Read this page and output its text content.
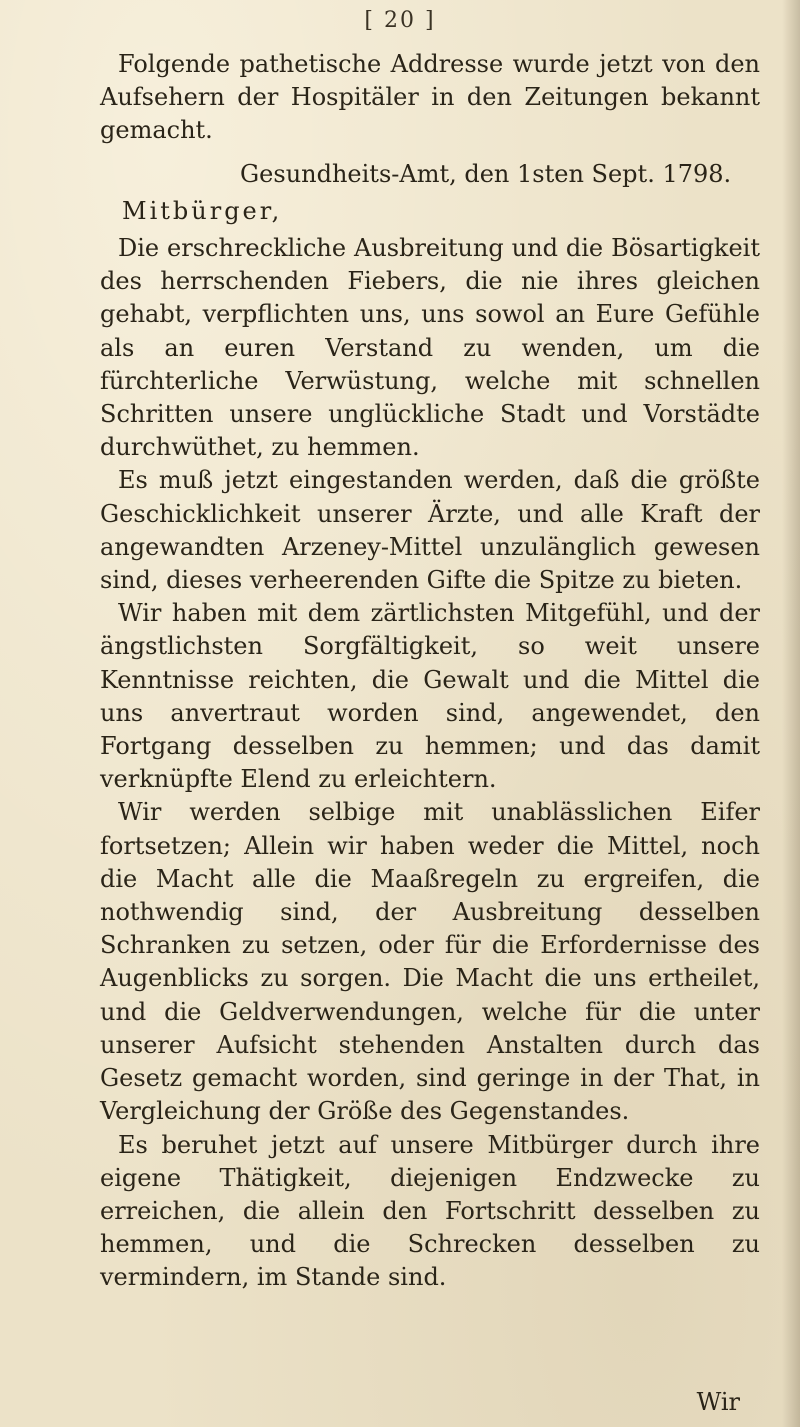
[ 20 ]

Folgende pathetische Addresse wurde jetzt von den Aufsehern der Hospitäler in den Zeitungen bekannt gemacht.

Gesundheits-Amt, den 1sten Sept. 1798.

Mitbürger,

Die erschreckliche Ausbreitung und die Bösartigkeit des herrschenden Fiebers, die nie ihres gleichen gehabt, verpflichten uns, uns sowol an Eure Gefühle als an euren Verstand zu wenden, um die fürchterliche Verwüstung, welche mit schnellen Schritten unsere unglückliche Stadt und Vorstädte durchwüthet, zu hemmen.

Es muß jetzt eingestanden werden, daß die größte Geschicklichkeit unserer Ärzte, und alle Kraft der angewandten Arzeney-Mittel unzulänglich gewesen sind, dieses verheerenden Gifte die Spitze zu bieten.

Wir haben mit dem zärtlichsten Mitgefühl, und der ängstlichsten Sorgfältigkeit, so weit unsere Kenntnisse reichten, die Gewalt und die Mittel die uns anvertraut worden sind, angewendet, den Fortgang desselben zu hemmen; und das damit verknüpfte Elend zu erleichtern.

Wir werden selbige mit unablässlichen Eifer fortsetzen; Allein wir haben weder die Mittel, noch die Macht alle die Maaßregeln zu ergreifen, die nothwendig sind, der Ausbreitung desselben Schranken zu setzen, oder für die Erfordernisse des Augenblicks zu sorgen. Die Macht die uns ertheilet, und die Geldverwendungen, welche für die unter unserer Aufsicht stehenden Anstalten durch das Gesetz gemacht worden, sind geringe in der That, in Vergleichung der Größe des Gegenstandes.

Es beruhet jetzt auf unsere Mitbürger durch ihre eigene Thätigkeit, diejenigen Endzwecke zu erreichen, die allein den Fortschritt desselben zu hemmen, und die Schrecken desselben zu vermindern, im Stande sind.

Wir
